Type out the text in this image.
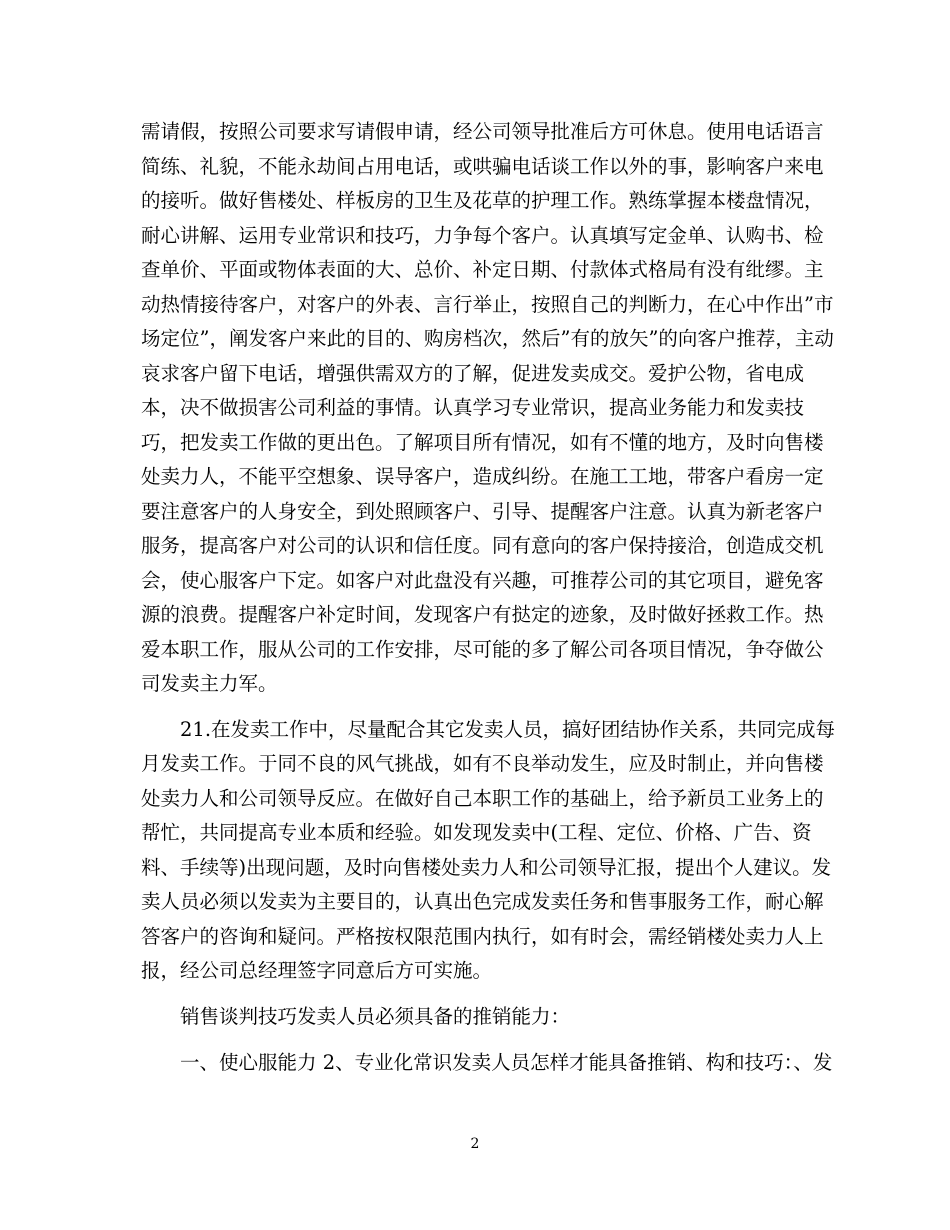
需请假，按照公司要求写请假申请，经公司领导批准后方可休息。使用电话语言
简练、礼貌，不能永劫间占用电话，或哄骗电话谈工作以外的事，影响客户来电
的接听。做好售楼处、样板房的卫生及花草的护理工作。熟练掌握本楼盘情况，
耐心讲解、运用专业常识和技巧，力争每个客户。认真填写定金单、认购书、检
查单价、平面或物体表面的大、总价、补定日期、付款体式格局有没有纰缪。主
动热情接待客户，对客户的外表、言行举止，按照自己的判断力，在心中作出”市
场定位”，阐发客户来此的目的、购房档次，然后”有的放矢”的向客户推荐，主动
哀求客户留下电话，增强供需双方的了解，促进发卖成交。爱护公物，省电成
本，决不做损害公司利益的事情。认真学习专业常识，提高业务能力和发卖技
巧，把发卖工作做的更出色。了解项目所有情况，如有不懂的地方，及时向售楼
处卖力人，不能平空想象、误导客户，造成纠纷。在施工工地，带客户看房一定
要注意客户的人身安全，到处照顾客户、引导、提醒客户注意。认真为新老客户
服务，提高客户对公司的认识和信任度。同有意向的客户保持接洽，创造成交机
会，使心服客户下定。如客户对此盘没有兴趣，可推荐公司的其它项目，避免客
源的浪费。提醒客户补定时间，发现客户有挞定的迹象，及时做好拯救工作。热
爱本职工作，服从公司的工作安排，尽可能的多了解公司各项目情况，争夺做公
司发卖主力军。
　　21.在发卖工作中，尽量配合其它发卖人员，搞好团结协作关系，共同完成每
月发卖工作。于同不良的风气挑战，如有不良举动发生，应及时制止，并向售楼
处卖力人和公司领导反应。在做好自己本职工作的基础上，给予新员工业务上的
帮忙，共同提高专业本质和经验。如发现发卖中(工程、定位、价格、广告、资
料、手续等)出现问题，及时向售楼处卖力人和公司领导汇报，提出个人建议。发
卖人员必须以发卖为主要目的，认真出色完成发卖任务和售事服务工作，耐心解
答客户的咨询和疑问。严格按权限范围内执行，如有时会，需经销楼处卖力人上
报，经公司总经理签字同意后方可实施。
　　销售谈判技巧发卖人员必须具备的推销能力：
　　一、使心服能力 2、专业化常识发卖人员怎样才能具备推销、构和技巧：、发
2
